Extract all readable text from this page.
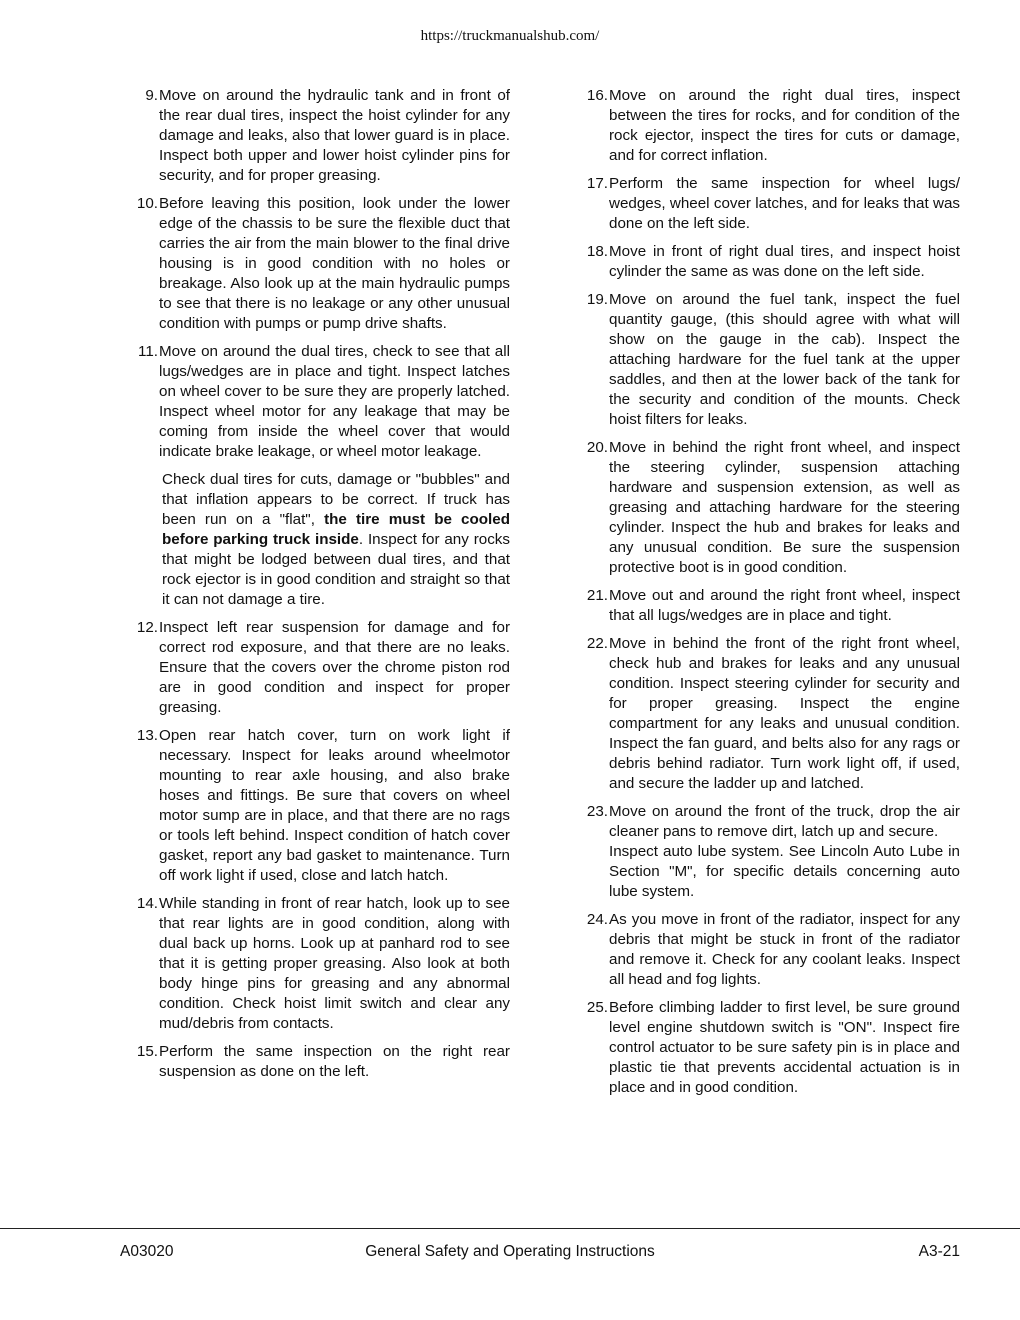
https://truckmanualshub.com/
9. Move on around the hydraulic tank and in front of the rear dual tires, inspect the hoist cylinder for any damage and leaks, also that lower guard is in place. Inspect both upper and lower hoist cylinder pins for security, and for proper greasing.

10. Before leaving this position, look under the lower edge of the chassis to be sure the flexible duct that carries the air from the main blower to the final drive housing is in good condition with no holes or breakage. Also look up at the main hydraulic pumps to see that there is no leakage or any other unusual condition with pumps or pump drive shafts.

11. Move on around the dual tires, check to see that all lugs/wedges are in place and tight. Inspect latches on wheel cover to be sure they are properly latched. Inspect wheel motor for any leakage that may be coming from inside the wheel cover that would indicate brake leakage, or wheel motor leakage.

Check dual tires for cuts, damage or "bubbles" and that inflation appears to be correct. If truck has been run on a "flat", the tire must be cooled before parking truck inside. Inspect for any rocks that might be lodged between dual tires, and that rock ejector is in good condition and straight so that it can not damage a tire.
12. Inspect left rear suspension for damage and for correct rod exposure, and that there are no leaks. Ensure that the covers over the chrome piston rod are in good condition and inspect for proper greasing.

13. Open rear hatch cover, turn on work light if necessary. Inspect for leaks around wheelmotor mounting to rear axle housing, and also brake hoses and fittings. Be sure that covers on wheel motor sump are in place, and that there are no rags or tools left behind. Inspect condition of hatch cover gasket, report any bad gasket to maintenance. Turn off work light if used, close and latch hatch.

14. While standing in front of rear hatch, look up to see that rear lights are in good condition, along with dual back up horns. Look up at panhard rod to see that it is getting proper greasing. Also look at both body hinge pins for greasing and any abnormal condition. Check hoist limit switch and clear any mud/debris from contacts.

15. Perform the same inspection on the right rear suspension as done on the left.

16. Move on around the right dual tires, inspect between the tires for rocks, and for condition of the rock ejector, inspect the tires for cuts or damage, and for correct inflation.

17. Perform the same inspection for wheel lugs/ wedges, wheel cover latches, and for leaks that was done on the left side.

18. Move in front of right dual tires, and inspect hoist cylinder the same as was done on the left side.

19. Move on around the fuel tank, inspect the fuel quantity gauge, (this should agree with what will show on the gauge in the cab). Inspect the attaching hardware for the fuel tank at the upper saddles, and then at the lower back of the tank for the security and condition of the mounts. Check hoist filters for leaks.

20. Move in behind the right front wheel, and inspect the steering cylinder, suspension attaching hardware and suspension extension, as well as greasing and attaching hardware for the steering cylinder. Inspect the hub and brakes for leaks and any unusual condition. Be sure the suspension protective boot is in good condition.

21. Move out and around the right front wheel, inspect that all lugs/wedges are in place and tight.

22. Move in behind the front of the right front wheel, check hub and brakes for leaks and any unusual condition. Inspect steering cylinder for security and for proper greasing. Inspect the engine compartment for any leaks and unusual condition. Inspect the fan guard, and belts also for any rags or debris behind radiator. Turn work light off, if used, and secure the ladder up and latched.

23. Move on around the front of the truck, drop the air cleaner pans to remove dirt, latch up and secure.

Inspect auto lube system. See Lincoln Auto Lube in Section "M", for specific details concerning auto lube system.

24. As you move in front of the radiator, inspect for any debris that might be stuck in front of the radiator and remove it. Check for any coolant leaks. Inspect all head and fog lights.

25. Before climbing ladder to first level, be sure ground level engine shutdown switch is "ON". Inspect fire control actuator to be sure safety pin is in place and plastic tie that prevents accidental actuation is in place and in good condition.

A03020	General Safety and Operating Instructions	A3-21
